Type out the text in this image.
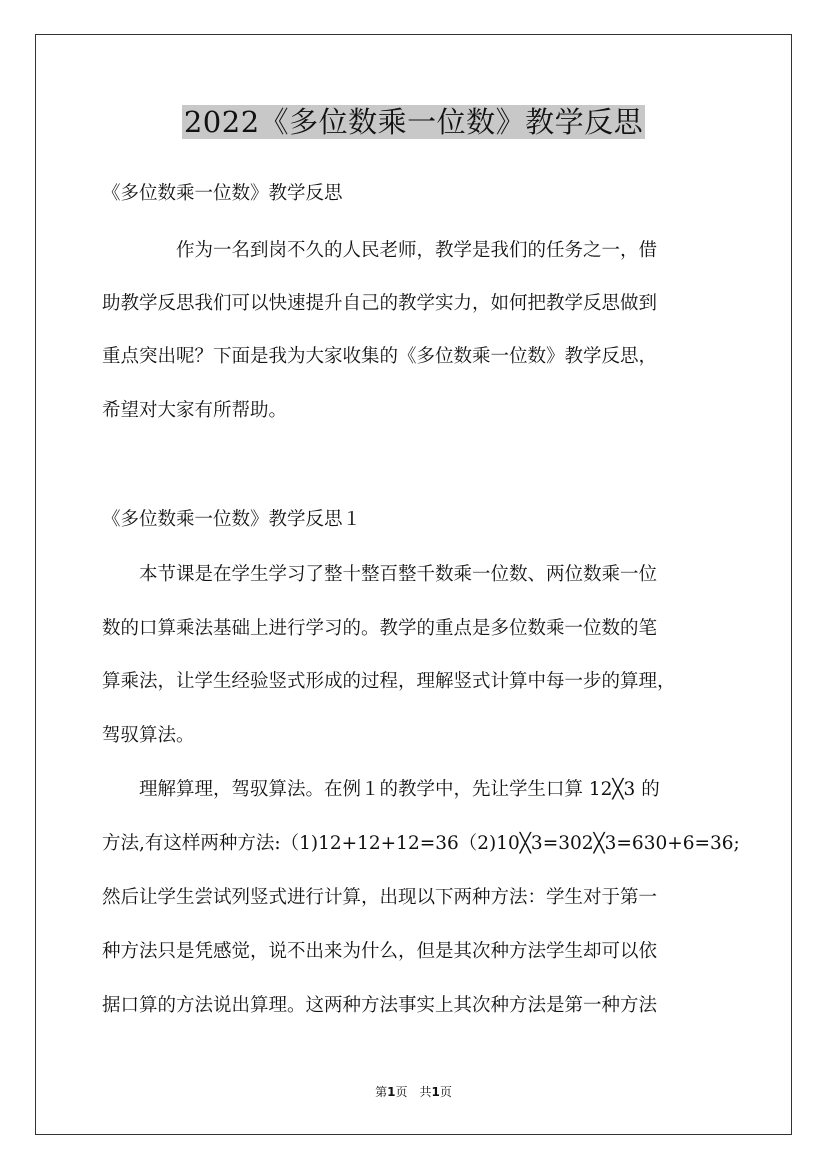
2022《多位数乘一位数》教学反思
《多位数乘一位数》教学反思
　　　　作为一名到岗不久的人民老师，教学是我们的任务之一，借
助教学反思我们可以快速提升自己的教学实力，如何把教学反思做到
重点突出呢？下面是我为大家收集的《多位数乘一位数》教学反思，
希望对大家有所帮助。
《多位数乘一位数》教学反思１
　　本节课是在学生学习了整十整百整千数乘一位数、两位数乘一位
数的口算乘法基础上进行学习的。教学的重点是多位数乘一位数的笔
算乘法，让学生经验竖式形成的过程，理解竖式计算中每一步的算理，
驾驭算法。
　　理解算理，驾驭算法。在例１的教学中，先让学生口算 12╳3 的
方法,有这样两种方法:（1)12+12+12=36（2)10╳3=302╳3=630+6=36;
然后让学生尝试列竖式进行计算，出现以下两种方法：学生对于第一
种方法只是凭感觉，说不出来为什么，但是其次种方法学生却可以依
据口算的方法说出算理。这两种方法事实上其次种方法是第一种方法
第1页　共1页
